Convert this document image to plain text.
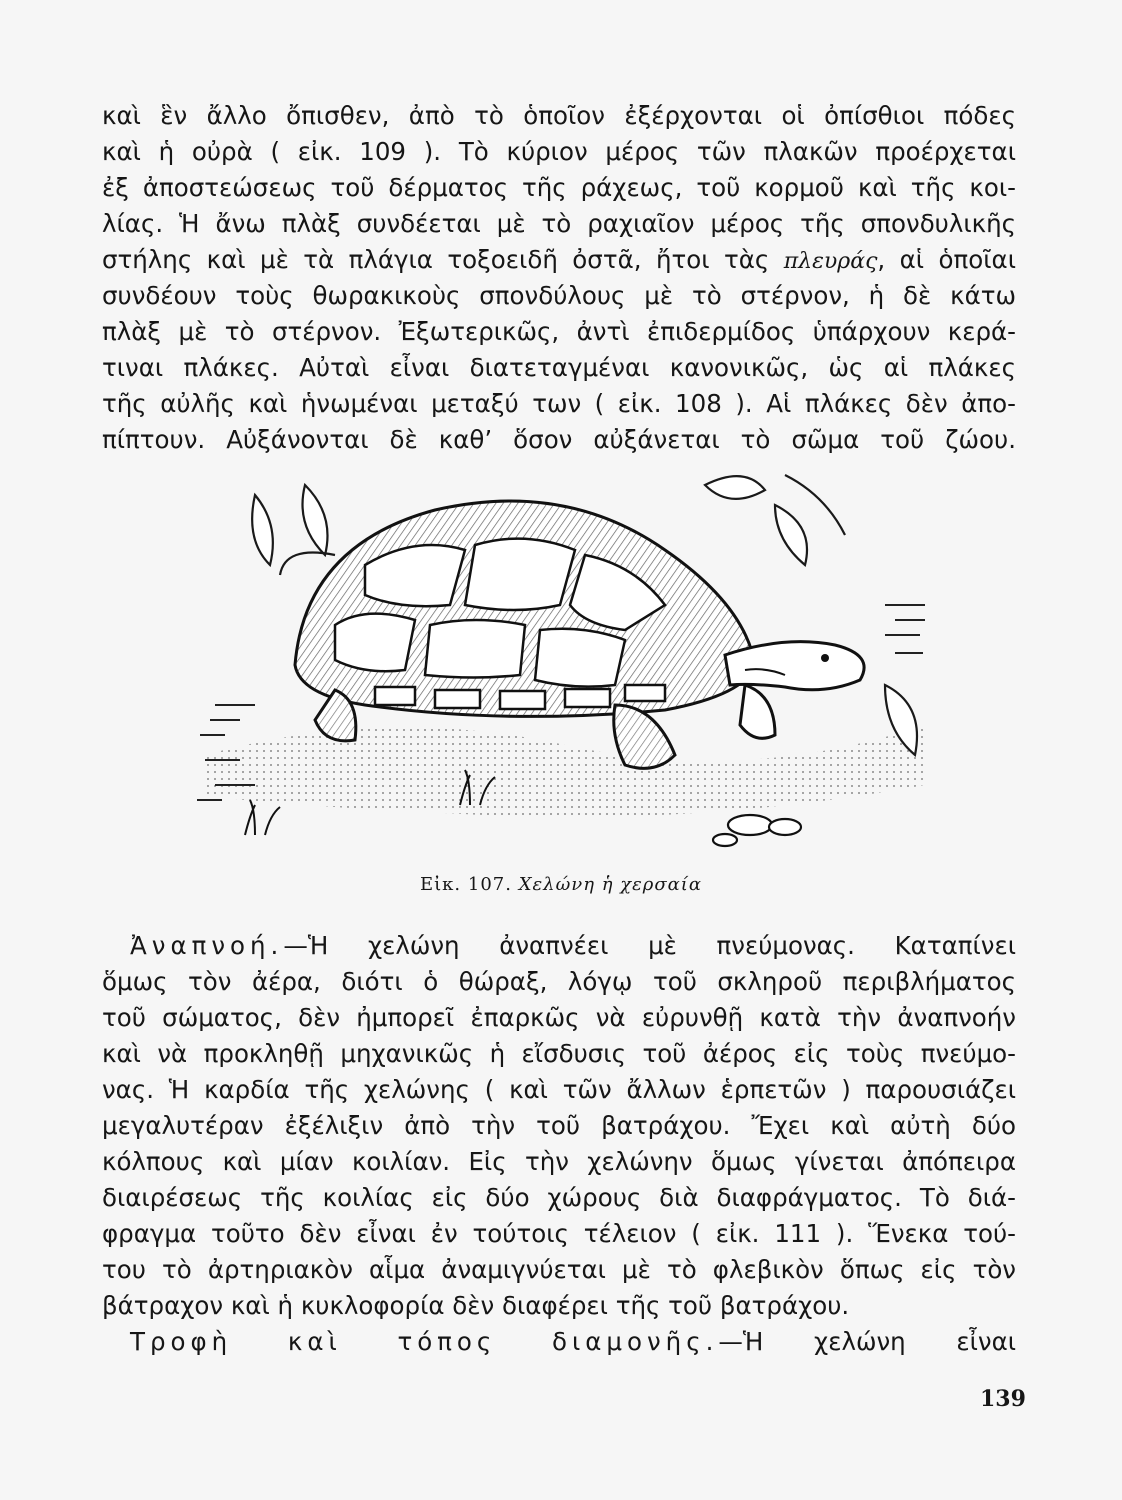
καὶ ἓν ἄλλο ὄπισθεν, ἀπὸ τὸ ὁποῖον ἐξέρχονται οἱ ὀπίσθιοι πόδες
καὶ ἡ οὐρὰ ( εἰκ. 109 ). Τὸ κύριον μέρος τῶν πλακῶν προέρχεται
ἐξ ἀποστεώσεως τοῦ δέρματος τῆς ράχεως, τοῦ κορμοῦ καὶ τῆς κοι-
λίας. Ἡ ἄνω πλὰξ συνδέεται μὲ τὸ ραχιαῖον μέρος τῆς σπονδυλικῆς
στήλης καὶ μὲ τὰ πλάγια τοξοειδῆ ὀστᾶ, ἤτοι τὰς πλευράς, αἱ ὁποῖαι
συνδέουν τοὺς θωρακικοὺς σπονδύλους μὲ τὸ στέρνον, ἡ δὲ κάτω
πλὰξ μὲ τὸ στέρνον. Ἐξωτερικῶς, ἀντὶ ἐπιδερμίδος ὑπάρχουν κερά-
τιναι πλάκες. Αὐταὶ εἶναι διατεταγμέναι κανονικῶς, ὡς αἱ πλάκες
τῆς αὐλῆς καὶ ἡνωμέναι μεταξύ των ( εἰκ. 108 ). Αἱ πλάκες δὲν ἀπο-
πίπτουν. Αὐξάνονται δὲ καθ’ ὅσον αὐξάνεται τὸ σῶμα τοῦ ζώου.
Εἰκ. 107. Χελώνη ἡ χερσαία
Ἀναπνοή.—Ἡ χελώνη ἀναπνέει μὲ πνεύμονας. Καταπίνει
ὅμως τὸν ἀέρα, διότι ὁ θώραξ, λόγῳ τοῦ σκληροῦ περιβλήματος
τοῦ σώματος, δὲν ἠμπορεῖ ἐπαρκῶς νὰ εὐρυνθῇ κατὰ τὴν ἀναπνοήν
καὶ νὰ προκληθῇ μηχανικῶς ἡ εἴσδυσις τοῦ ἀέρος εἰς τοὺς πνεύμο-
νας. Ἡ καρδία τῆς χελώνης ( καὶ τῶν ἄλλων ἑρπετῶν ) παρουσιάζει
μεγαλυτέραν ἐξέλιξιν ἀπὸ τὴν τοῦ βατράχου. Ἔχει καὶ αὐτὴ δύο
κόλπους καὶ μίαν κοιλίαν. Εἰς τὴν χελώνην ὅμως γίνεται ἀπόπειρα
διαιρέσεως τῆς κοιλίας εἰς δύο χώρους διὰ διαφράγματος. Τὸ διά-
φραγμα τοῦτο δὲν εἶναι ἐν τούτοις τέλειον ( εἰκ. 111 ). Ἕνεκα τού-
του τὸ ἀρτηριακὸν αἷμα ἀναμιγνύεται μὲ τὸ φλεβικὸν ὅπως εἰς τὸν
βάτραχον καὶ ἡ κυκλοφορία δὲν διαφέρει τῆς τοῦ βατράχου.
Τροφὴ καὶ τόπος διαμονῆς.—Ἡ χελώνη εἶναι
139
